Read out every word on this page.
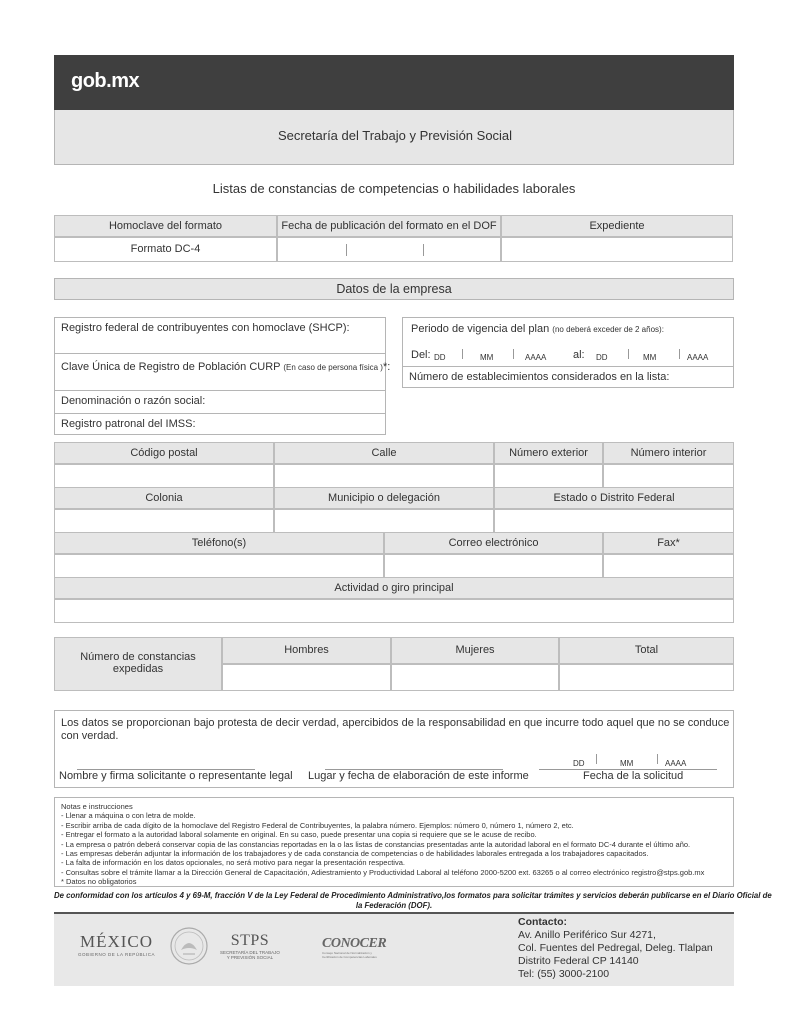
gob.mx
Secretaría del Trabajo y Previsión Social
Listas de constancias de competencias o habilidades laborales
Homoclave del formato	Fecha de publicación del formato en el DOF	Expediente
Formato DC-4
Datos de la empresa
Registro federal de contribuyentes con homoclave (SHCP):
Clave Única de Registro de Población CURP (En caso de persona física )*:
Denominación o razón social:
Registro patronal del IMSS:
Periodo de vigencia del plan (no deberá exceder de 2 años):
Del: DD	MM	AAAA al: DD	MM	AAAA
Número de establecimientos considerados en la lista:
Código postal	Calle	Número exterior	Número interior
Colonia	Municipio o delegación	Estado o Distrito Federal
Teléfono(s)	Correo electrónico	Fax*
Actividad o giro principal
Número de constancias
expedidas
Hombres	Mujeres	Total
Los datos se proporcionan bajo protesta de decir verdad, apercibidos de la responsabilidad en que incurre todo aquel que no se conduce
con verdad.
Nombre y firma solicitante o representante legal Lugar y fecha de elaboración de este informe
DD	MM	AAAA
Fecha de la solicitud
Notas e instrucciones
- Llenar a máquina o con letra de molde.
- Escribir arriba de cada dígito de la homoclave del Registro Federal de Contribuyentes, la palabra número. Ejemplos: número 0, número 1, número 2, etc.
- Entregar el formato a la autoridad laboral solamente en original. En su caso, puede presentar una copia si requiere que se le acuse de recibo.
- La empresa o patrón deberá conservar copia de las constancias reportadas en la o las listas de constancias presentadas ante la autoridad laboral en el formato DC-4 durante el último año.
- Las empresas deberán adjuntar la información de los trabajadores y de cada constancia de competencias o de habilidades laborales entregada a los trabajadores capacitados.
- La falta de información en los datos opcionales, no será motivo para negar la presentación respectiva.
- Consultas sobre el trámite llamar a la Dirección General de Capacitación, Adiestramiento y Productividad Laboral al teléfono 2000-5200 ext. 63265 o al correo electrónico registro@stps.gob.mx
* Datos no obligatorios
De conformidad con los artículos 4 y 69-M, fracción V de la Ley Federal de Procedimiento Administrativo,los formatos para solicitar trámites y servicios deberán publicarse en el Diario Oficial de
la Federación (DOF).
MÉXICO
GOBIERNO DE LA REPÚBLICA
STPS
SECRETARÍA DEL TRABAJO
Y PREVISIÓN SOCIAL
CONOCER
Consejo Nacional de Normalización y Certificación de Competencias Laborales
Contacto:
Av. Anillo Periférico Sur 4271,
Col. Fuentes del Pedregal, Deleg. Tlalpan
Distrito Federal CP 14140
Tel: (55) 3000-2100
